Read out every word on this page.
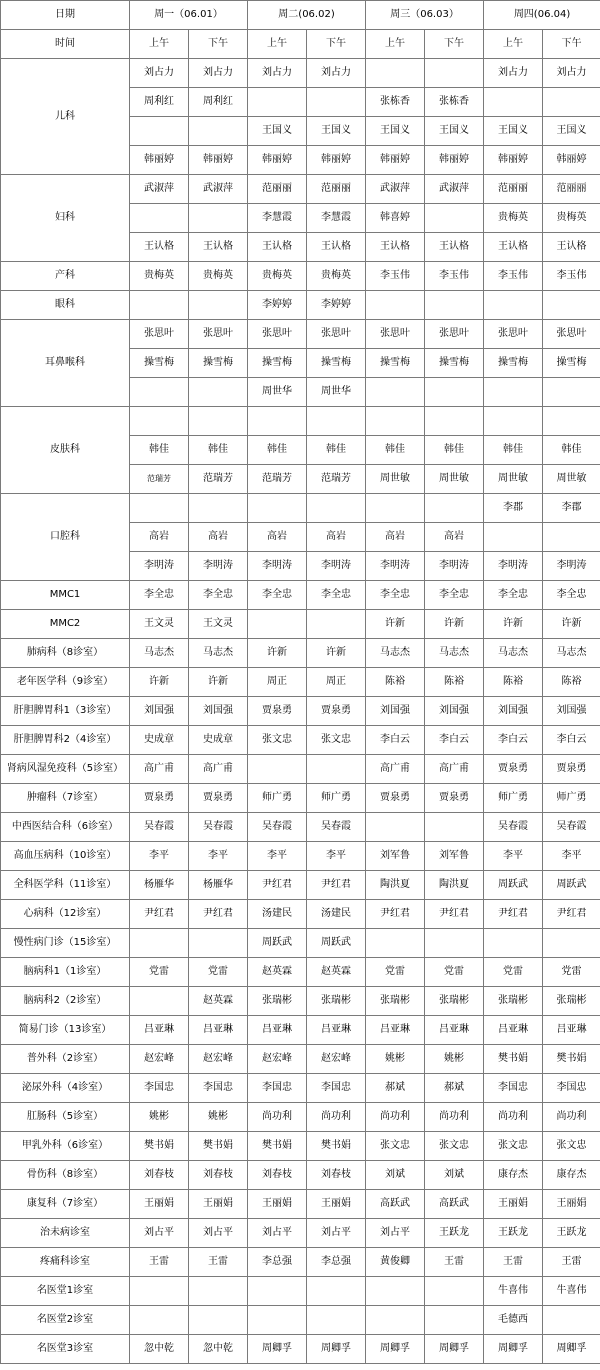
日期	周一（06.01）		周二(06.02)		周三（06.03）		周四(06.04)	
时间	上午	下午	上午	下午	上午	下午	上午	下午
儿科	刘占力	刘占力	刘占力	刘占力			刘占力	刘占力
	周利红	周利红			张栋香	张栋香		
			王国义	王国义	王国义	王国义	王国义	王国义
	韩丽婷	韩丽婷	韩丽婷	韩丽婷	韩丽婷	韩丽婷	韩丽婷	韩丽婷
妇科	武淑萍	武淑萍	范丽丽	范丽丽	武淑萍	武淑萍	范丽丽	范丽丽
			李慧霞	李慧霞	韩喜婷		贵梅英	贵梅英
	王认格	王认格	王认格	王认格	王认格	王认格	王认格	王认格
产科	贵梅英	贵梅英	贵梅英	贵梅英	李玉伟	李玉伟	李玉伟	李玉伟
眼科			李婷婷	李婷婷				
耳鼻喉科	张思叶	张思叶	张思叶	张思叶	张思叶	张思叶	张思叶	张思叶
	操雪梅	操雪梅	操雪梅	操雪梅	操雪梅	操雪梅	操雪梅	操雪梅
			周世华	周世华				
皮肤科								
	韩佳	韩佳	韩佳	韩佳	韩佳	韩佳	韩佳	韩佳
	范瑞芳	范瑞芳	范瑞芳	范瑞芳	周世敏	周世敏	周世敏	周世敏
口腔科							李郡	李郡
	高岩	高岩	高岩	高岩	高岩	高岩		
	李明涛	李明涛	李明涛	李明涛	李明涛	李明涛	李明涛	李明涛
MMC1	李全忠	李全忠	李全忠	李全忠	李全忠	李全忠	李全忠	李全忠
MMC2	王文灵	王文灵			许新	许新	许新	许新
肺病科（8诊室）	马志杰	马志杰	许新	许新	马志杰	马志杰	马志杰	马志杰
老年医学科（9诊室）	许新	许新	周正	周正	陈裕	陈裕	陈裕	陈裕
肝胆脾胃科1（3诊室）	刘国强	刘国强	贾泉勇	贾泉勇	刘国强	刘国强	刘国强	刘国强
肝胆脾胃科2（4诊室）	史成章	史成章	张文忠	张文忠	李白云	李白云	李白云	李白云
肾病风湿免疫科（5诊室）	高广甫	高广甫			高广甫	高广甫	贾泉勇	贾泉勇
肿瘤科（7诊室）	贾泉勇	贾泉勇	师广勇	师广勇	贾泉勇	贾泉勇	师广勇	师广勇
中西医结合科（6诊室）	吴春霞	吴春霞	吴春霞	吴春霞			吴春霞	吴春霞
高血压病科（10诊室）	李平	李平	李平	李平	刘军鲁	刘军鲁	李平	李平
全科医学科（11诊室）	杨雁华	杨雁华	尹红君	尹红君	陶洪夏	陶洪夏	周跃武	周跃武
心病科（12诊室）	尹红君	尹红君	汤建民	汤建民	尹红君	尹红君	尹红君	尹红君
慢性病门诊（15诊室）			周跃武	周跃武				
脑病科1（1诊室）	党雷	党雷	赵英霖	赵英霖	党雷	党雷	党雷	党雷
脑病科2（2诊室）		赵英霖	张瑞彬	张瑞彬	张瑞彬	张瑞彬	张瑞彬	张瑞彬
简易门诊（13诊室）	吕亚琳	吕亚琳	吕亚琳	吕亚琳	吕亚琳	吕亚琳	吕亚琳	吕亚琳
普外科（2诊室）	赵宏峰	赵宏峰	赵宏峰	赵宏峰	姚彬	姚彬	樊书娟	樊书娟
泌尿外科（4诊室）	李国忠	李国忠	李国忠	李国忠	郝斌	郝斌	李国忠	李国忠
肛肠科（5诊室）	姚彬	姚彬	尚功利	尚功利	尚功利	尚功利	尚功利	尚功利
甲乳外科（6诊室）	樊书娟	樊书娟	樊书娟	樊书娟	张文忠	张文忠	张文忠	张文忠
骨伤科（8诊室）	刘春枝	刘春枝	刘春枝	刘春枝	刘斌	刘斌	康存杰	康存杰
康复科（7诊室）	王丽娟	王丽娟	王丽娟	王丽娟	高跃武	高跃武	王丽娟	王丽娟
治未病诊室	刘占平	刘占平	刘占平	刘占平	刘占平	王跃龙	王跃龙	王跃龙
疼痛科诊室	王雷	王雷	李总强	李总强	黄俊卿	王雷	王雷	王雷
名医堂1诊室							牛喜伟	牛喜伟
名医堂2诊室							毛德西	
名医堂3诊室	忽中乾	忽中乾	周卿孚	周卿孚	周卿孚	周卿孚	周卿孚	周卿孚
